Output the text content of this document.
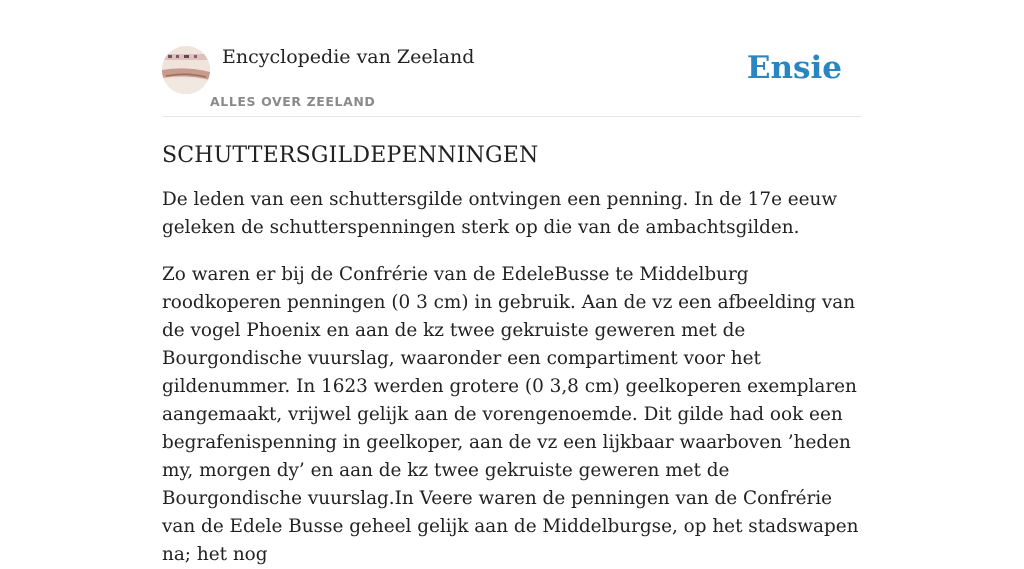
Encyclopedie van Zeeland
ALLES OVER ZEELAND
Ensie
SCHUTTERSGILDEPENNINGEN

De leden van een schuttersgilde ontvingen een penning. In de 17e eeuw geleken de schutterspenningen sterk op die van de ambachtsgilden.

Zo waren er bij de Confrérie van de EdeleBusse te Middelburg roodkoperen penningen (0 3 cm) in gebruik. Aan de vz een afbeelding van de vogel Phoenix en aan de kz twee gekruiste geweren met de Bourgondische vuurslag, waaronder een compartiment voor het gildenummer. In 1623 werden grotere (0 3,8 cm) geelkoperen exemplaren aangemaakt, vrijwel gelijk aan de vorengenoemde. Dit gilde had ook een begrafenispenning in geelkoper, aan de vz een lijkbaar waarboven ’heden my, morgen dy’ en aan de kz twee gekruiste geweren met de Bourgondische vuurslag.In Veere waren de penningen van de Confrérie van de Edele Busse geheel gelijk aan de Middelburgse, op het stadswapen na; het nog
